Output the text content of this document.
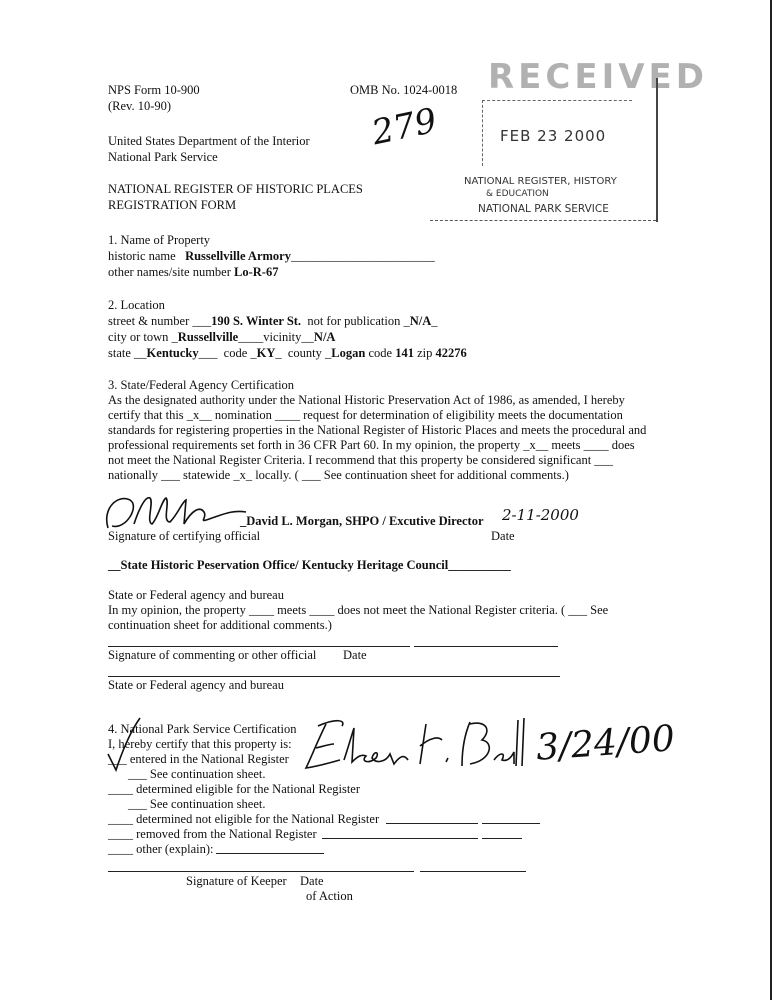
NPS Form 10-900
(Rev. 10-90)
OMB No. 1024-0018
United States Department of the Interior
National Park Service
NATIONAL REGISTER OF HISTORIC PLACES
REGISTRATION FORM
279
RECEIVED
FEB 23 2000
NATIONAL REGISTER, HISTORY
& EDUCATION
NATIONAL PARK SERVICE
1. Name of Property
historic name Russellville Armory_______________________
other names/site number Lo-R-67
2. Location
street & number ___190 S. Winter St. not for publication _N/A_
city or town _Russellville____vicinity__N/A
state __Kentucky___  code _KY_  county _Logan code 141 zip 42276
3. State/Federal Agency Certification
As the designated authority under the National Historic Preservation Act of 1986, as amended, I hereby
certify that this _x__ nomination ____ request for determination of eligibility meets the documentation
standards for registering properties in the National Register of Historic Places and meets the procedural and
professional requirements set forth in 36 CFR Part 60. In my opinion, the property _x__ meets ____ does
not meet the National Register Criteria. I recommend that this property be considered significant ___
nationally ___ statewide _x_ locally. ( ___ See continuation sheet for additional comments.)
_David L. Morgan, SHPO / Excutive Director 2-11-2000
Signature of certifying official	Date
__State Historic Peservation Office/ Kentucky Heritage Council__________
State or Federal agency and bureau
In my opinion, the property ____ meets ____ does not meet the National Register criteria. ( ___ See
continuation sheet for additional comments.)
Signature of commenting or other official Date
State or Federal agency and bureau
4. National Park Service Certification
I, hereby certify that this property is:
___ entered in the National Register
___ See continuation sheet.
____ determined eligible for the National Register
___ See continuation sheet.
____ determined not eligible for the National Register
____ removed from the National Register
____ other (explain):
3/24/00
Signature of Keeper Date
of Action
